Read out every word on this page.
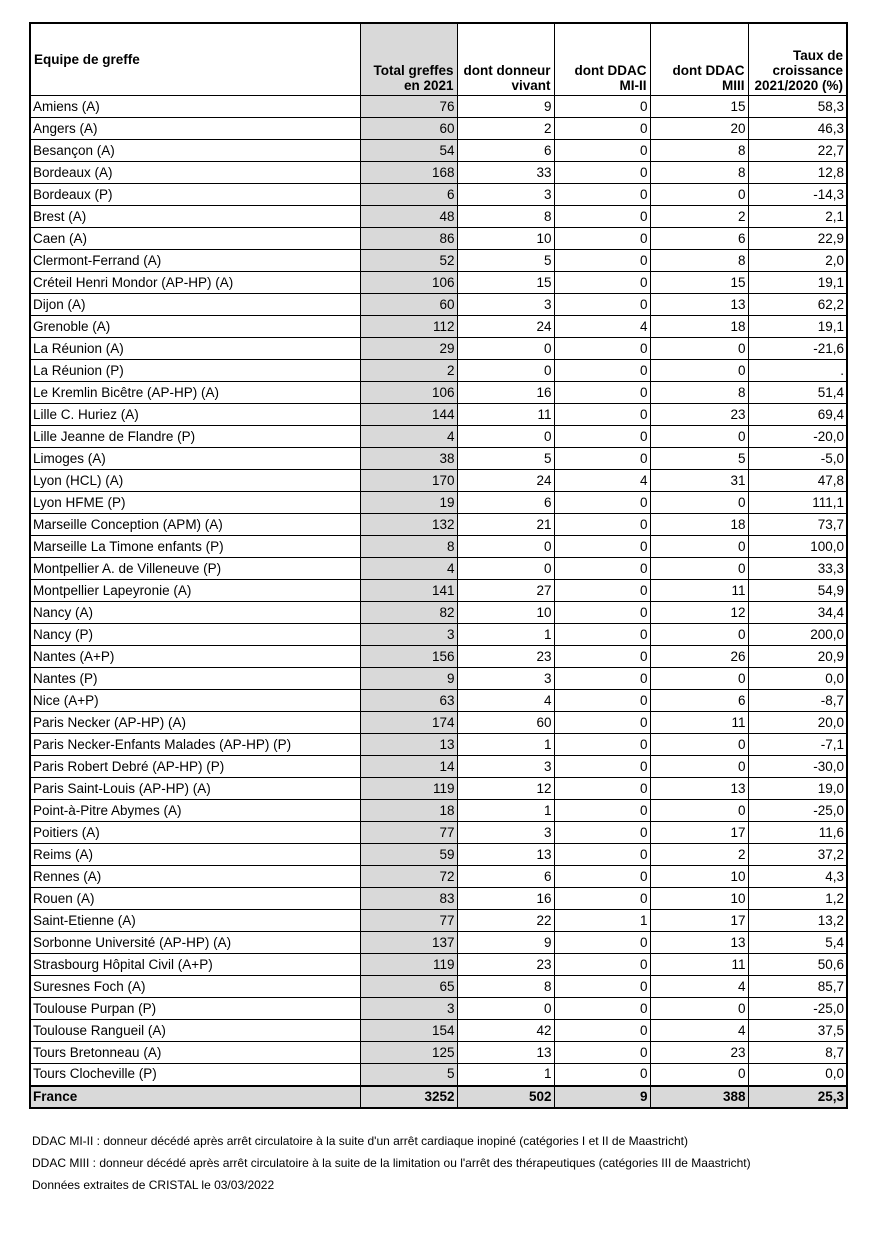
Equipe de greffe	Total greffes en 2021	dont donneur vivant	dont DDAC MI-II	dont DDAC MIII	Taux de croissance 2021/2020 (%)
Amiens (A)	76	9	0	15	58,3
Angers (A)	60	2	0	20	46,3
Besançon (A)	54	6	0	8	22,7
Bordeaux (A)	168	33	0	8	12,8
Bordeaux (P)	6	3	0	0	-14,3
Brest (A)	48	8	0	2	2,1
Caen (A)	86	10	0	6	22,9
Clermont-Ferrand (A)	52	5	0	8	2,0
Créteil Henri Mondor (AP-HP) (A)	106	15	0	15	19,1
Dijon (A)	60	3	0	13	62,2
Grenoble (A)	112	24	4	18	19,1
La Réunion (A)	29	0	0	0	-21,6
La Réunion (P)	2	0	0	0	.
Le Kremlin Bicêtre (AP-HP) (A)	106	16	0	8	51,4
Lille C. Huriez (A)	144	11	0	23	69,4
Lille Jeanne de Flandre (P)	4	0	0	0	-20,0
Limoges (A)	38	5	0	5	-5,0
Lyon (HCL) (A)	170	24	4	31	47,8
Lyon HFME (P)	19	6	0	0	111,1
Marseille Conception (APM) (A)	132	21	0	18	73,7
Marseille La Timone enfants (P)	8	0	0	0	100,0
Montpellier A. de Villeneuve (P)	4	0	0	0	33,3
Montpellier Lapeyronie (A)	141	27	0	11	54,9
Nancy (A)	82	10	0	12	34,4
Nancy (P)	3	1	0	0	200,0
Nantes (A+P)	156	23	0	26	20,9
Nantes (P)	9	3	0	0	0,0
Nice (A+P)	63	4	0	6	-8,7
Paris Necker (AP-HP) (A)	174	60	0	11	20,0
Paris Necker-Enfants Malades (AP-HP) (P)	13	1	0	0	-7,1
Paris Robert Debré (AP-HP) (P)	14	3	0	0	-30,0
Paris Saint-Louis (AP-HP) (A)	119	12	0	13	19,0
Point-à-Pitre Abymes (A)	18	1	0	0	-25,0
Poitiers (A)	77	3	0	17	11,6
Reims (A)	59	13	0	2	37,2
Rennes (A)	72	6	0	10	4,3
Rouen (A)	83	16	0	10	1,2
Saint-Etienne (A)	77	22	1	17	13,2
Sorbonne Université (AP-HP) (A)	137	9	0	13	5,4
Strasbourg Hôpital Civil (A+P)	119	23	0	11	50,6
Suresnes Foch (A)	65	8	0	4	85,7
Toulouse Purpan (P)	3	0	0	0	-25,0
Toulouse Rangueil (A)	154	42	0	4	37,5
Tours Bretonneau (A)	125	13	0	23	8,7
Tours Clocheville (P)	5	1	0	0	0,0
France	3252	502	9	388	25,3
DDAC MI-II : donneur décédé après arrêt circulatoire à la suite d'un arrêt cardiaque inopiné (catégories I et II de Maastricht)
DDAC MIII : donneur décédé après arrêt circulatoire à la suite de la limitation ou l'arrêt des thérapeutiques (catégories III de Maastricht)
Données extraites de CRISTAL le 03/03/2022
